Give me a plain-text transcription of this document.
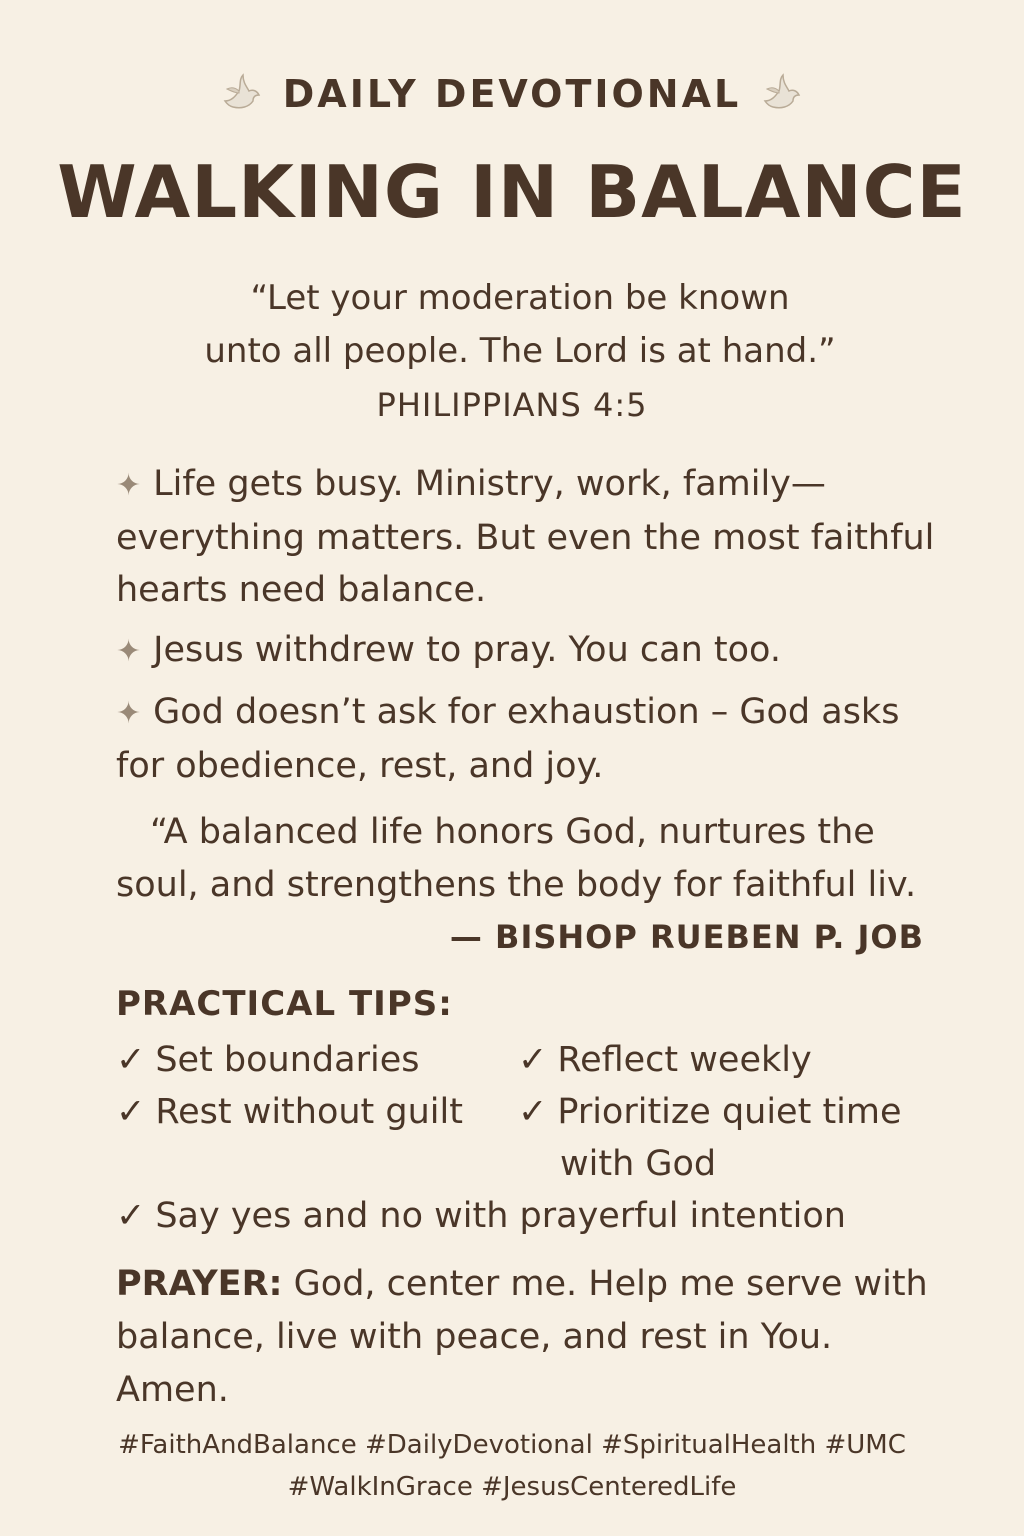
DAILY DEVOTIONAL
WALKING IN BALANCE
“Let your moderation be known
unto all people. The Lord is at hand.”
PHILIPPIANS 4:5
✦ Life gets busy. Ministry, work, family—everything matters. But even the most faithful hearts need balance.
✦ Jesus withdrew to pray. You can too.
✦ God doesn’t ask for exhaustion – God asks for obedience, rest, and joy.
“A balanced life honors God, nurtures the
soul, and strengthens the body for faithful liv.
— BISHOP RUEBEN P. JOB
PRACTICAL TIPS:
✓ Set boundaries	✓ Reflect weekly
✓ Rest without guilt ✓ Prioritize quiet time
with God
✓ Say yes and no with prayerful intention
PRAYER: God, center me. Help me serve with balance, live with peace, and rest in You. Amen.
#FaithAndBalance #DailyDevotional #SpiritualHealth #UMC
#WalkInGrace #JesusCenteredLife
